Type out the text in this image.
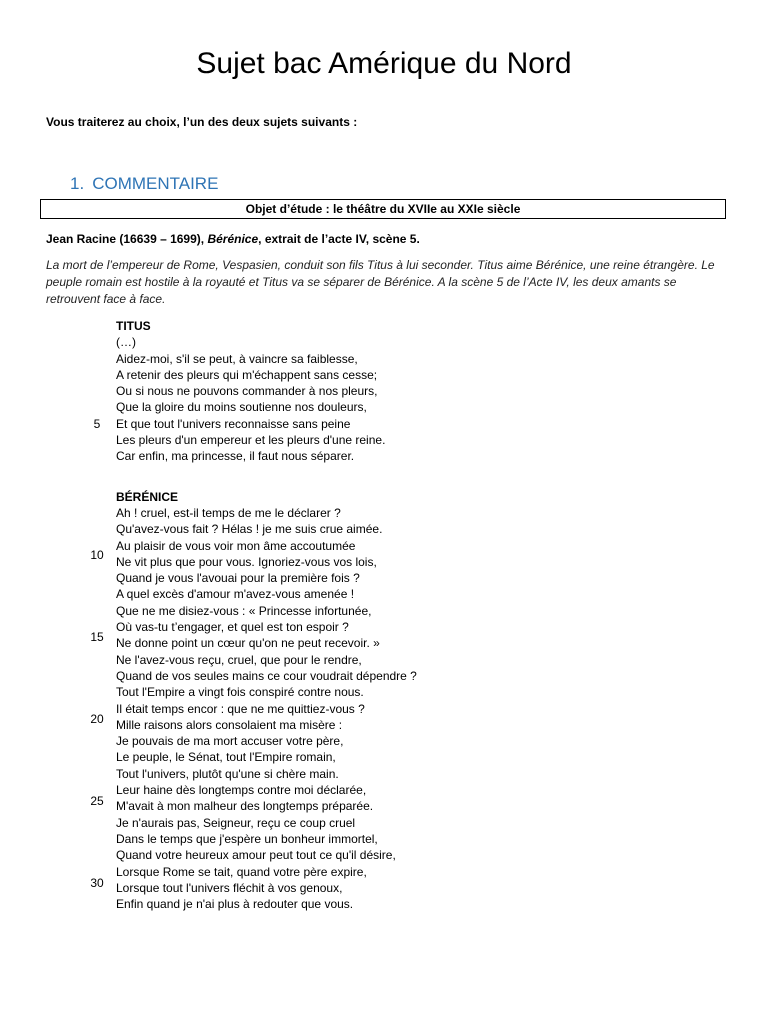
Sujet bac Amérique du Nord
Vous traiterez au choix, l’un des deux sujets suivants :
1. COMMENTAIRE
Objet d’étude : le théâtre du XVIIe au XXIe siècle
Jean Racine (16639 – 1699), Bérénice, extrait de l’acte IV, scène 5.
La mort de l’empereur de Rome, Vespasien, conduit son fils Titus à lui seconder. Titus aime Bérénice, une reine étrangère. Le peuple romain est hostile à la royauté et Titus va se séparer de Bérénice. A la scène 5 de l’Acte IV, les deux amants se retrouvent face à face.
TITUS
(…)
Aidez-moi, s'il se peut, à vaincre sa faiblesse,
A retenir des pleurs qui m'échappent sans cesse;
Ou si nous ne pouvons commander à nos pleurs,
Que la gloire du moins soutienne nos douleurs,
Et que tout l'univers reconnaisse sans peine
Les pleurs d'un empereur et les pleurs d'une reine.
Car enfin, ma princesse, il faut nous séparer.
BÉRÉNICE
Ah ! cruel, est-il temps de me le déclarer ?
Qu'avez-vous fait ? Hélas ! je me suis crue aimée.
Au plaisir de vous voir mon âme accoutumée
Ne vit plus que pour vous. Ignoriez-vous vos lois,
Quand je vous l'avouai pour la première fois ?
A quel excès d'amour m'avez-vous amenée !
Que ne me disiez-vous : « Princesse infortunée,
Où vas-tu t’engager, et quel est ton espoir ?
Ne donne point un cœur qu'on ne peut recevoir. »
Ne l'avez-vous reçu, cruel, que pour le rendre,
Quand de vos seules mains ce cour voudrait dépendre ?
Tout l'Empire a vingt fois conspiré contre nous.
Il était temps encor : que ne me quittiez-vous ?
Mille raisons alors consolaient ma misère :
Je pouvais de ma mort accuser votre père,
Le peuple, le Sénat, tout l'Empire romain,
Tout l'univers, plutôt qu'une si chère main.
Leur haine dès longtemps contre moi déclarée,
M'avait à mon malheur des longtemps préparée.
Je n'aurais pas, Seigneur, reçu ce coup cruel
Dans le temps que j'espère un bonheur immortel,
Quand votre heureux amour peut tout ce qu'il désire,
Lorsque Rome se tait, quand votre père expire,
Lorsque tout l'univers fléchit à vos genoux,
Enfin quand je n'ai plus à redouter que vous.
5
10
15
20
25
30
